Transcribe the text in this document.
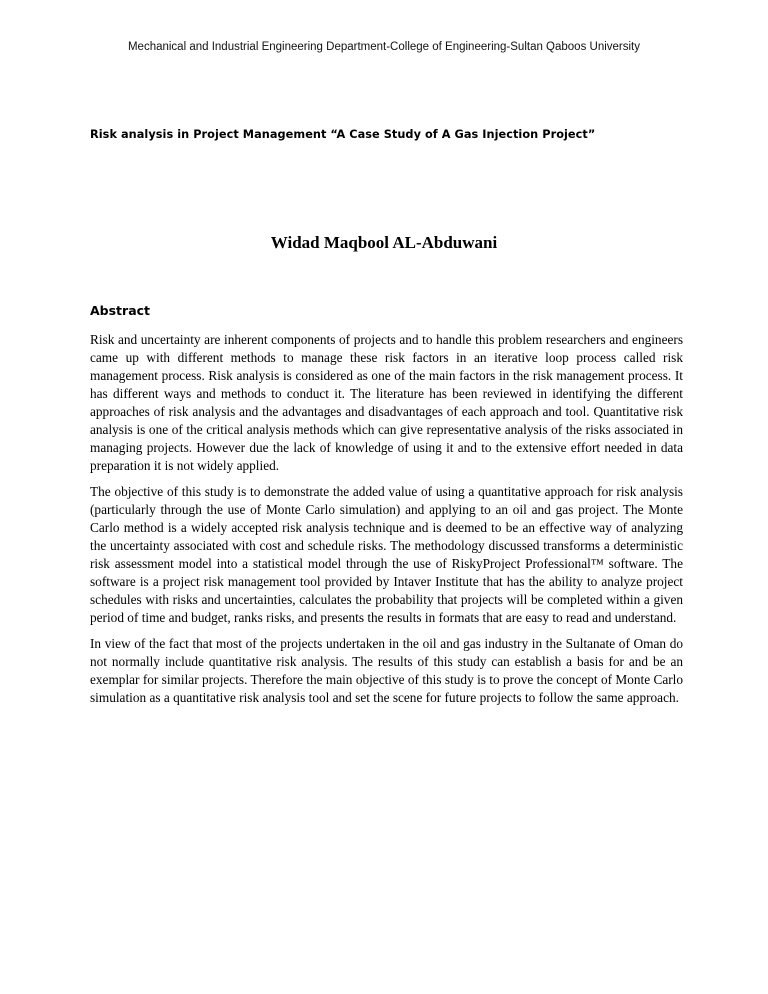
Mechanical and Industrial Engineering Department-College of Engineering-Sultan Qaboos University
Risk analysis in Project Management “A Case Study of A Gas Injection Project”
Widad Maqbool AL-Abduwani
Abstract

Risk and uncertainty are inherent components of projects and to handle this problem researchers and engineers came up with different methods to manage these risk factors in an iterative loop process called risk management process. Risk analysis is considered as one of the main factors in the risk management process. It has different ways and methods to conduct it. The literature has been reviewed in identifying the different approaches of risk analysis and the advantages and disadvantages of each approach and tool. Quantitative risk analysis is one of the critical analysis methods which can give representative analysis of the risks associated in managing projects. However due the lack of knowledge of using it and to the extensive effort needed in data preparation it is not widely applied.

The objective of this study is to demonstrate the added value of using a quantitative approach for risk analysis (particularly through the use of Monte Carlo simulation) and applying to an oil and gas project. The Monte Carlo method is a widely accepted risk analysis technique and is deemed to be an effective way of analyzing the uncertainty associated with cost and schedule risks. The methodology discussed transforms a deterministic risk assessment model into a statistical model through the use of RiskyProject Professional™ software. The software is a project risk management tool provided by Intaver Institute that has the ability to analyze project schedules with risks and uncertainties, calculates the probability that projects will be completed within a given period of time and budget, ranks risks, and presents the results in formats that are easy to read and understand.

In view of the fact that most of the projects undertaken in the oil and gas industry in the Sultanate of Oman do not normally include quantitative risk analysis. The results of this study can establish a basis for and be an exemplar for similar projects. Therefore the main objective of this study is to prove the concept of Monte Carlo simulation as a quantitative risk analysis tool and set the scene for future projects to follow the same approach.
